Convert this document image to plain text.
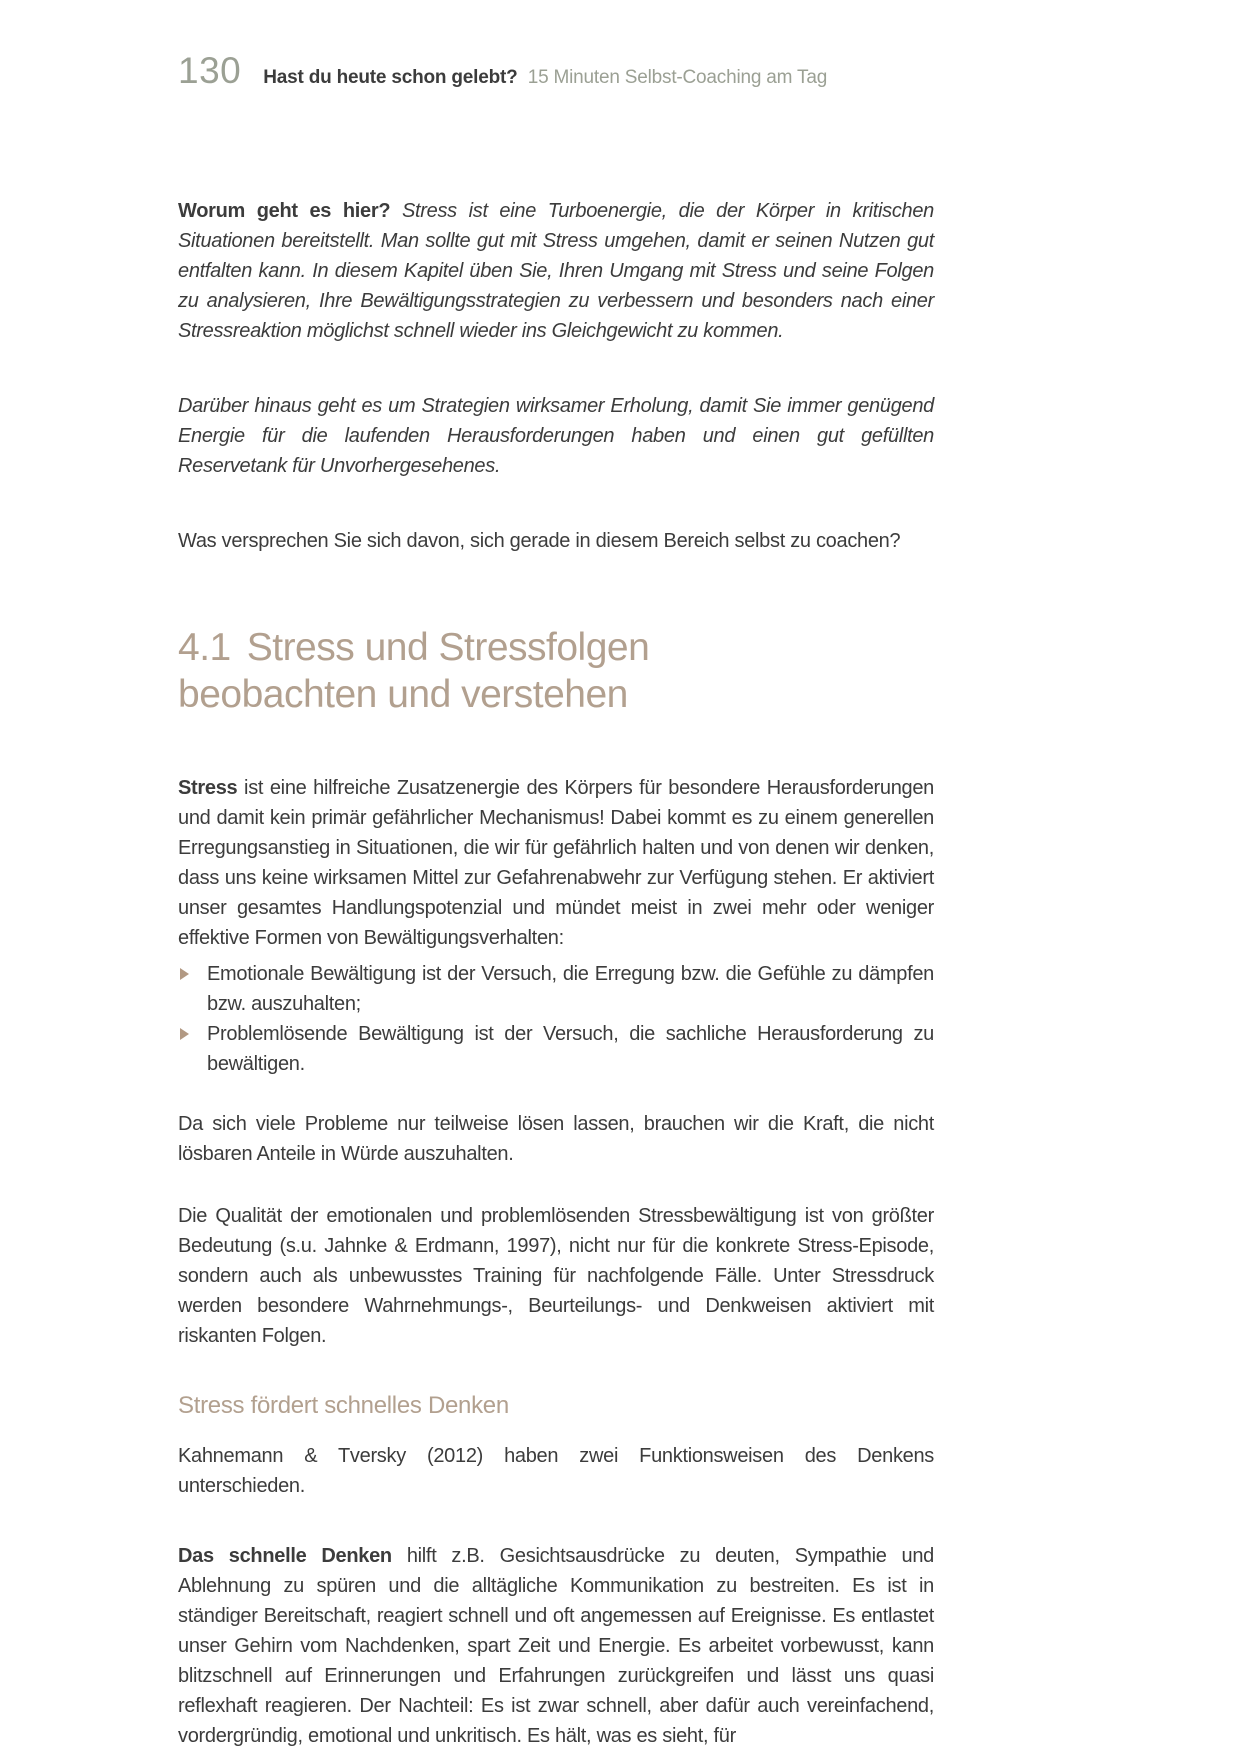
130 Hast du heute schon gelebt? 15 Minuten Selbst-Coaching am Tag

Worum geht es hier? Stress ist eine Turboenergie, die der Körper in kritischen Situationen bereitstellt. Man sollte gut mit Stress umgehen, damit er seinen Nutzen gut entfalten kann. In diesem Kapitel üben Sie, Ihren Umgang mit Stress und seine Folgen zu analysieren, Ihre Bewältigungsstrategien zu verbessern und besonders nach einer Stressreaktion möglichst schnell wieder ins Gleichgewicht zu kommen.

Darüber hinaus geht es um Strategien wirksamer Erholung, damit Sie immer genügend Energie für die laufenden Herausforderungen haben und einen gut gefüllten Reservetank für Unvorhergesehenes.

Was versprechen Sie sich davon, sich gerade in diesem Bereich selbst zu coachen?

4.1 Stress und Stressfolgen
beobachten und verstehen

Stress ist eine hilfreiche Zusatzenergie des Körpers für besondere Herausforderungen und damit kein primär gefährlicher Mechanismus! Dabei kommt es zu einem generellen Erregungsanstieg in Situationen, die wir für gefährlich halten und von denen wir denken, dass uns keine wirksamen Mittel zur Gefahrenabwehr zur Verfügung stehen. Er aktiviert unser gesamtes Handlungspotenzial und mündet meist in zwei mehr oder weniger effektive Formen von Bewältigungsverhalten:

Emotionale Bewältigung ist der Versuch, die Erregung bzw. die Gefühle zu dämpfen bzw. auszuhalten;
Problemlösende Bewältigung ist der Versuch, die sachliche Herausforderung zu bewältigen.

Da sich viele Probleme nur teilweise lösen lassen, brauchen wir die Kraft, die nicht lösbaren Anteile in Würde auszuhalten.

Die Qualität der emotionalen und problemlösenden Stressbewältigung ist von größter Bedeutung (s.u. Jahnke & Erdmann, 1997), nicht nur für die konkrete Stress-Episode, sondern auch als unbewusstes Training für nachfolgende Fälle. Unter Stressdruck werden besondere Wahrnehmungs-, Beurteilungs- und Denkweisen aktiviert mit riskanten Folgen.

Stress fördert schnelles Denken

Kahnemann & Tversky (2012) haben zwei Funktionsweisen des Denkens unterschieden.

Das schnelle Denken hilft z.B. Gesichtsausdrücke zu deuten, Sympathie und Ablehnung zu spüren und die alltägliche Kommunikation zu bestreiten. Es ist in ständiger Bereitschaft, reagiert schnell und oft angemessen auf Ereignisse. Es entlastet unser Gehirn vom Nachdenken, spart Zeit und Energie. Es arbeitet vorbewusst, kann blitzschnell auf Erinnerungen und Erfahrungen zurückgreifen und lässt uns quasi reflexhaft reagieren. Der Nachteil: Es ist zwar schnell, aber dafür auch vereinfachend, vordergründig, emotional und unkritisch. Es hält, was es sieht, für
